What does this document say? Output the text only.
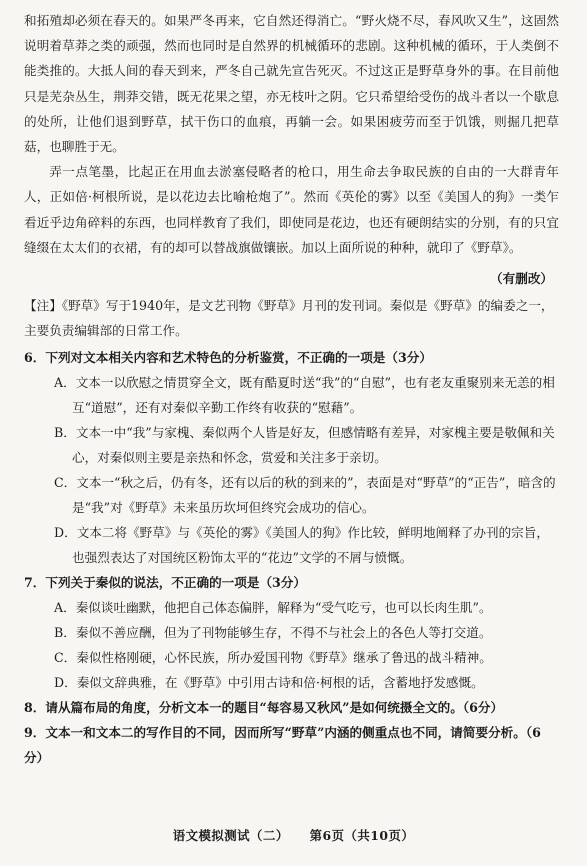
和拓殖却必须在春天的。如果严冬再来，它自然还得消亡。“野火烧不尽，春风吹又生”，这固然说明着草莽之类的顽强，然而也同时是自然界的机械循环的悲剧。这种机械的循环，于人类倒不能类推的。大抵人间的春天到来，严冬自己就先宣告死灭。不过这正是野草身外的事。在目前他只是芜杂丛生，荆莽交错，既无花果之望，亦无枝叶之阴。它只希望给受伤的战斗者以一个歇息的处所，让他们退到野草，拭干伤口的血痕，再躺一会。如果困疲劳而至于饥饿，则掘几把草菇，也聊胜于无。

弄一点笔墨，比起正在用血去淤塞侵略者的枪口，用生命去争取民族的自由的一大群青年人，正如倍·柯根所说，是以花边去比喻枪炮了”。然而《英伦的雾》以至《美国人的狗》一类乍看近乎边角碎料的东西，也同样教育了我们，即使同是花边，也还有硬朗结实的分别，有的只宜缝缀在太太们的衣裙，有的却可以替战旗做镶嵌。加以上面所说的种种，就印了《野草》。

（有删改）

【注】《野草》写于1940年，是文艺刊物《野草》月刊的发刊词。秦似是《野草》的编委之一，主要负责编辑部的日常工作。

6．下列对文本相关内容和艺术特色的分析鉴赏，不正确的一项是（3分）

A．文本一以欣慰之情贯穿全文，既有酷夏时送“我”的“自慰”，也有老友重聚别来无恙的相互“道慰”，还有对秦似辛勤工作终有收获的“慰藉”。

B．文本一中“我”与家槐、秦似两个人皆是好友，但感情略有差异，对家槐主要是敬佩和关心，对秦似则主要是亲热和怀念，赏爱和关注多于亲切。

C．文本一“秋之后，仍有冬，还有以后的秋的到来的”，表面是对“野草”的“正告”，暗含的是“我”对《野草》未来虽历坎坷但终究会成功的信心。

D．文本二将《野草》与《英伦的雾》《美国人的狗》作比较，鲜明地阐释了办刊的宗旨，也强烈表达了对国统区粉饰太平的“花边”文学的不屑与愤慨。

7．下列关于秦似的说法，不正确的一项是（3分）

A．秦似谈吐幽默，他把自己体态偏胖，解释为“受气吃亏，也可以长肉生肌”。

B．秦似不善应酬，但为了刊物能够生存，不得不与社会上的各色人等打交道。

C．秦似性格刚硬，心怀民族，所办爱国刊物《野草》继承了鲁迅的战斗精神。

D．秦似文辞典雅，在《野草》中引用古诗和倍·柯根的话，含蓄地抒发感慨。

8．请从篇布局的角度，分析文本一的题目“每容易又秋风”是如何统摄全文的。（6分）

9．文本一和文本二的写作目的不同，因而所写“野草”内涵的侧重点也不同，请简要分析。（6分）

语文模拟测试（二） 第6页（共10页）
